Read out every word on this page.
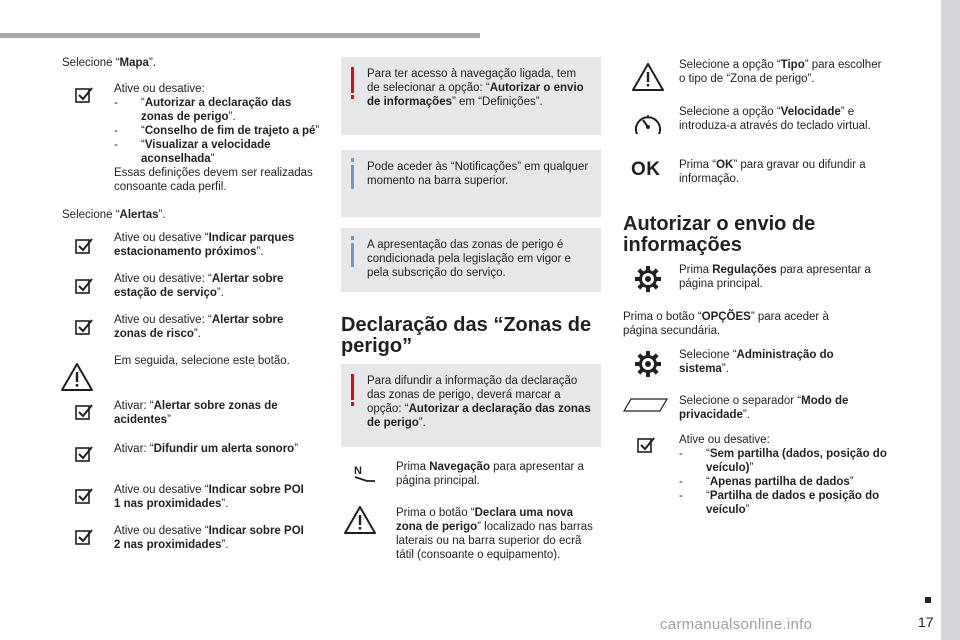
Selecione “Mapa”.
Ative ou desative:
- “Autorizar a declaração das zonas de perigo”.
- “Conselho de fim de trajeto a pé”
- “Visualizar a velocidade aconselhada”
Essas definições devem ser realizadas consoante cada perfil.
Selecione “Alertas”.
Ative ou desative “Indicar parques estacionamento próximos”.
Ative ou desative: “Alertar sobre estação de serviço”.
Ative ou desative: “Alertar sobre zonas de risco”.
Em seguida, selecione este botão.
Ativar: “Alertar sobre zonas de acidentes”
Ativar: “Difundir um alerta sonoro”
Ative ou desative “Indicar sobre POI 1 nas proximidades”.
Ative ou desative “Indicar sobre POI 2 nas proximidades”.
Para ter acesso à navegação ligada, tem de selecionar a opção: “Autorizar o envio de informações” em “Definições”.
Pode aceder às “Notificações” em qualquer momento na barra superior.
A apresentação das zonas de perigo é condicionada pela legislação em vigor e pela subscrição do serviço.
Declaração das “Zonas de perigo”
Para difundir a informação da declaração das zonas de perigo, deverá marcar a opção: “Autorizar a declaração das zonas de perigo”.
N	Prima Navegação para apresentar a página principal.
Prima o botão “Declara uma nova zona de perigo” localizado nas barras laterais ou na barra superior do ecrã tátil (consoante o equipamento).
Selecione a opção “Tipo” para escolher o tipo de “Zona de perigo”.
Selecione a opção “Velocidade” e introduza-a através do teclado virtual.
OK Prima “OK” para gravar ou difundir a informação.
Autorizar o envio de informações
Prima Regulações para apresentar a página principal.
Prima o botão “OPÇÕES” para aceder à página secundária.
Selecione “Administração do sistema”.
Selecione o separador “Modo de privacidade”.
Ative ou desative:
- “Sem partilha (dados, posição do veículo)”
- “Apenas partilha de dados”
- “Partilha de dados e posição do veículo”
17
carmanualsonline.info
